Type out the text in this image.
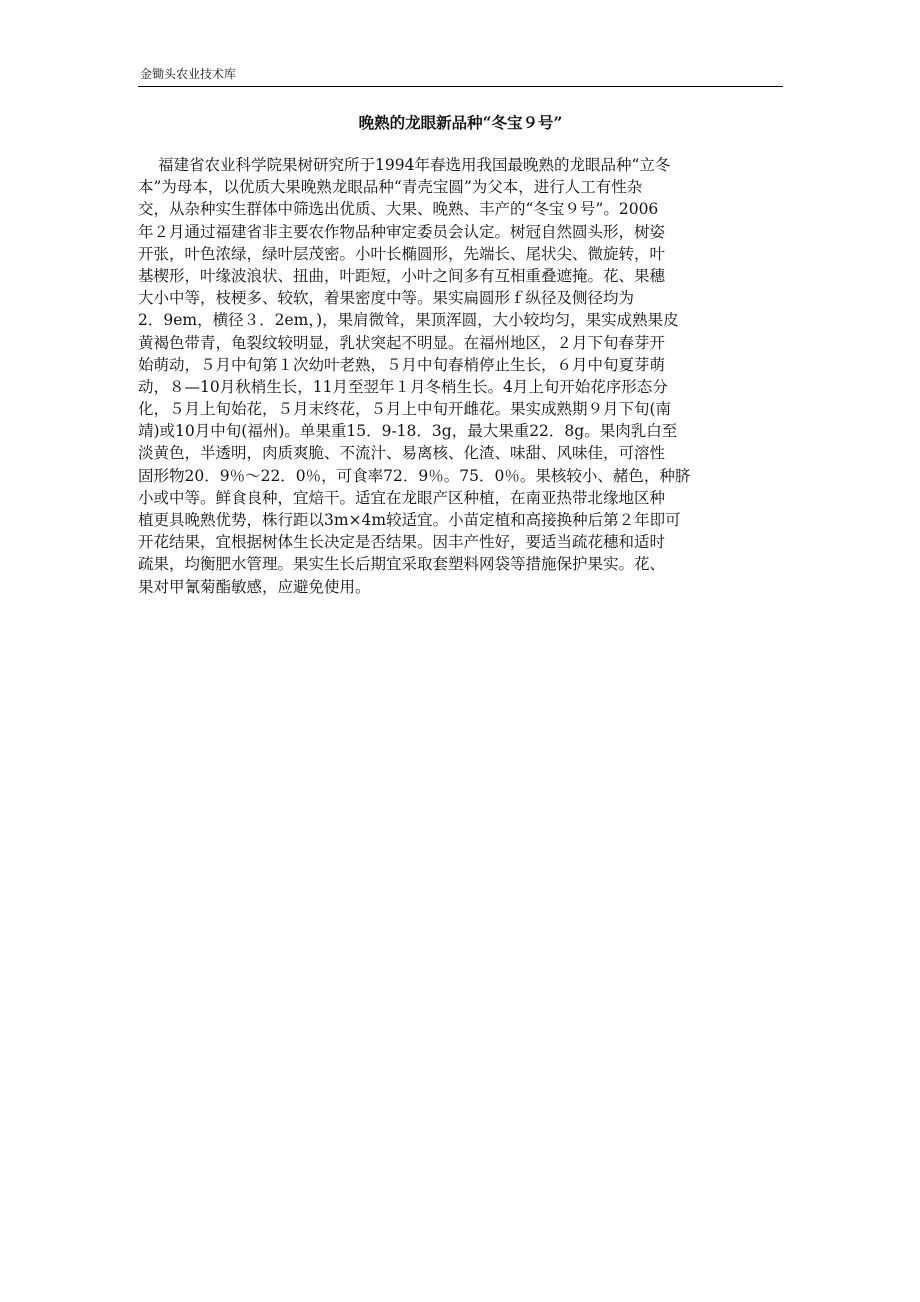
金锄头农业技术库
晚熟的龙眼新品种“冬宝９号”
福建省农业科学院果树研究所于1994年春选用我国最晚熟的龙眼品种“立冬
本”为母本，以优质大果晚熟龙眼品种“青壳宝圆”为父本，进行人工有性杂
交，从杂种实生群体中筛选出优质、大果、晚熟、丰产的“冬宝９号”。2006
年２月通过福建省非主要农作物品种审定委员会认定。树冠自然圆头形，树姿
开张，叶色浓绿，绿叶层茂密。小叶长椭圆形，先端长、尾状尖、微旋转，叶
基楔形，叶缘波浪状、扭曲，叶距短，小叶之间多有互相重叠遮掩。花、果穗
大小中等，枝梗多、较软，着果密度中等。果实扁圆形ｆ纵径及侧径均为
2．9em，横径３．2em，)，果肩微耸，果顶浑圆，大小较均匀，果实成熟果皮
黄褐色带青，龟裂纹较明显，乳状突起不明显。在福州地区，２月下旬春芽开
始萌动，５月中旬第１次幼叶老熟，５月中旬春梢停止生长，６月中旬夏芽萌
动，８—10月秋梢生长，11月至翌年１月冬梢生长。4月上旬开始花序形态分
化，５月上旬始花，５月末终花，５月上中旬开雌花。果实成熟期９月下旬(南
靖)或10月中旬(福州)。单果重15．9-18．3g，最大果重22．8g。果肉乳白至
淡黄色，半透明，肉质爽脆、不流汁、易离核、化渣、味甜、风味佳，可溶性
固形物20．9％～22．0％，可食率72．9％。75．0％。果核较小、赭色，种脐
小或中等。鲜食良种，宜焙干。适宜在龙眼产区种植，在南亚热带北缘地区种
植更具晚熟优势，株行距以3m×4m较适宜。小苗定植和高接换种后第２年即可
开花结果，宜根据树体生长决定是否结果。因丰产性好，要适当疏花穗和适时
疏果，均衡肥水管理。果实生长后期宜采取套塑料网袋等措施保护果实。花、
果对甲氰菊酯敏感，应避免使用。
